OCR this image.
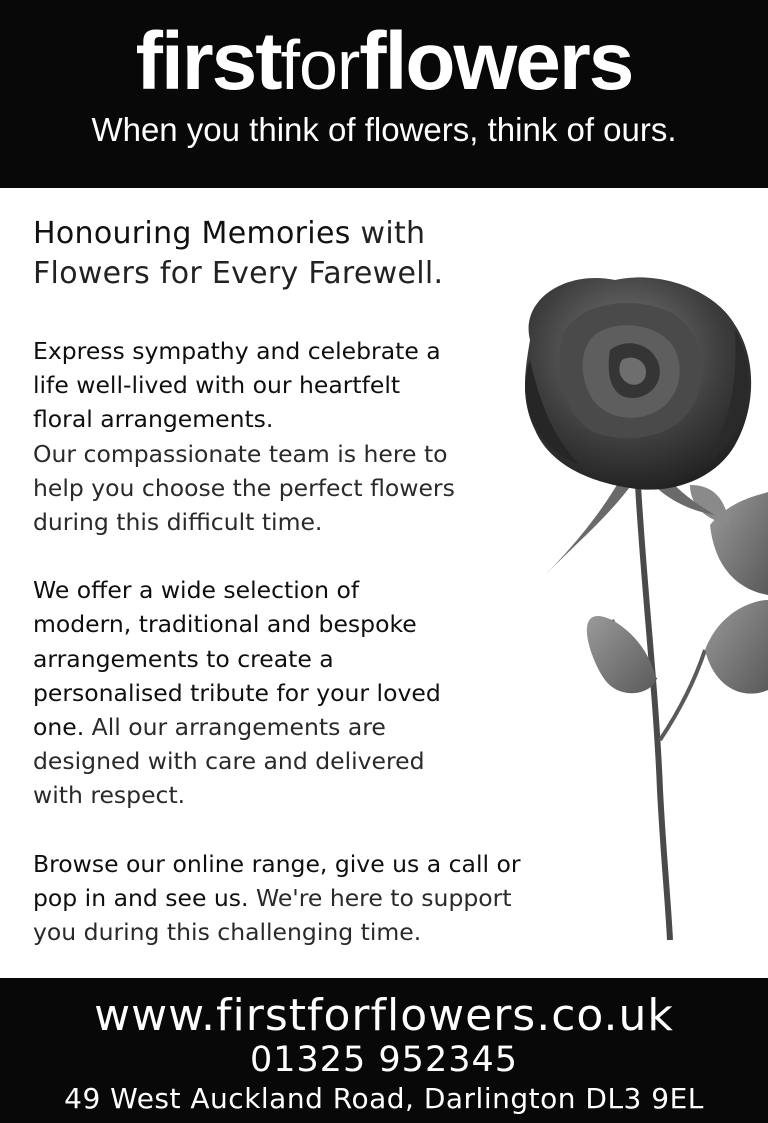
firstforflowers
When you think of flowers, think of ours.
Honouring Memories with
Flowers for Every Farewell.

Express sympathy and celebrate a
life well-lived with our heartfelt
floral arrangements.
Our compassionate team is here to
help you choose the perfect flowers
during this difficult time.

We offer a wide selection of
modern, traditional and bespoke
arrangements to create a
personalised tribute for your loved
one. All our arrangements are
designed with care and delivered
with respect.

Browse our online range, give us a call or
pop in and see us. We're here to support
you during this challenging time.

www.firstforflowers.co.uk
01325 952345
49 West Auckland Road, Darlington DL3 9EL
